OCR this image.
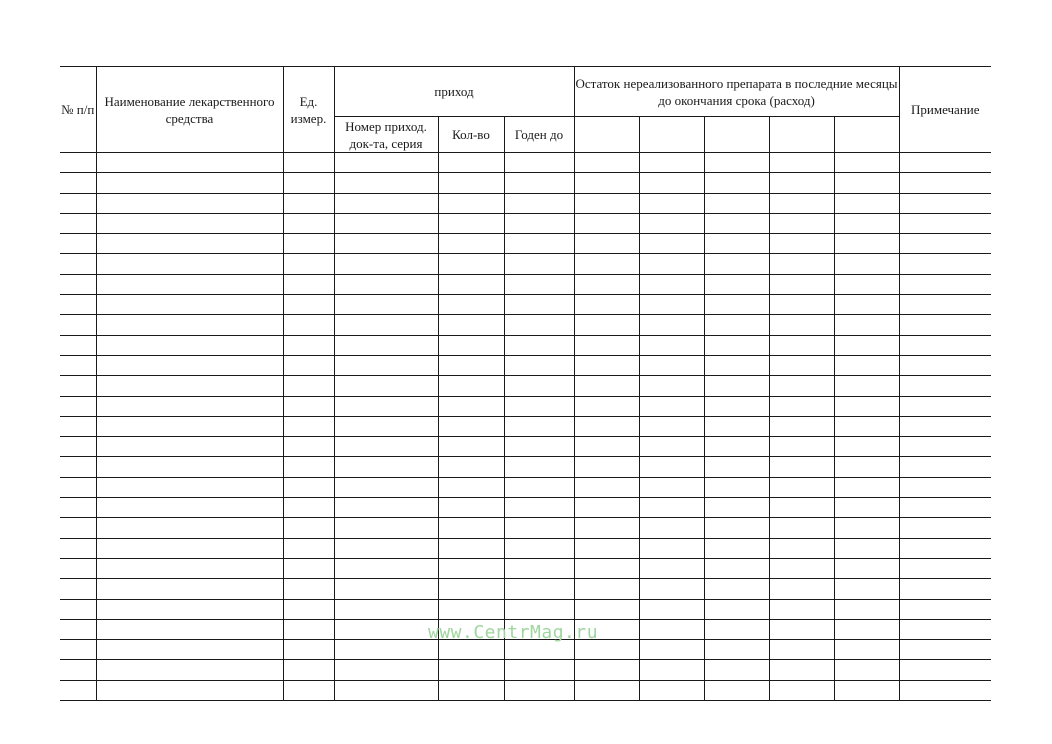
№ п/п	Наименование лекарственного средства	Ед. измер.	приход			Остаток нереализованного препарата в последние месяцы до окончания срока (расход)					Примечание
			Номер приход. док-та, серия	Кол-во	Годен до						

www.CentrMag.ru
